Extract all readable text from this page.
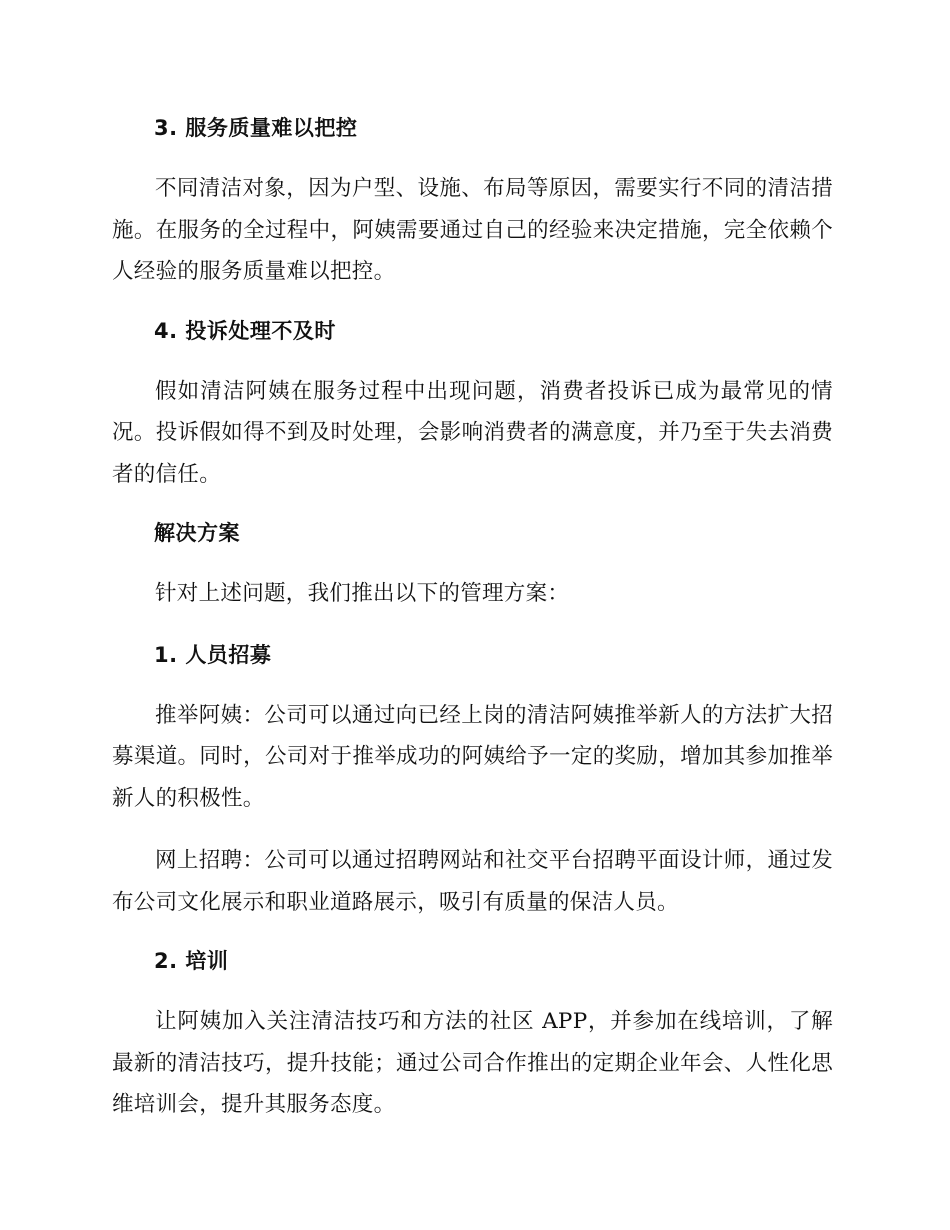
3. 服务质量难以把控
不同清洁对象，因为户型、设施、布局等原因，需要实行不同的清洁措施。在服务的全过程中，阿姨需要通过自己的经验来决定措施，完全依赖个人经验的服务质量难以把控。
4. 投诉处理不及时
假如清洁阿姨在服务过程中出现问题，消费者投诉已成为最常见的情况。投诉假如得不到及时处理，会影响消费者的满意度，并乃至于失去消费者的信任。
解决方案
针对上述问题，我们推出以下的管理方案：
1. 人员招募
推举阿姨：公司可以通过向已经上岗的清洁阿姨推举新人的方法扩大招募渠道。同时，公司对于推举成功的阿姨给予一定的奖励，增加其参加推举新人的积极性。
网上招聘：公司可以通过招聘网站和社交平台招聘平面设计师，通过发布公司文化展示和职业道路展示，吸引有质量的保洁人员。
2. 培训
让阿姨加入关注清洁技巧和方法的社区 APP，并参加在线培训，了解最新的清洁技巧，提升技能；通过公司合作推出的定期企业年会、人性化思维培训会，提升其服务态度。
